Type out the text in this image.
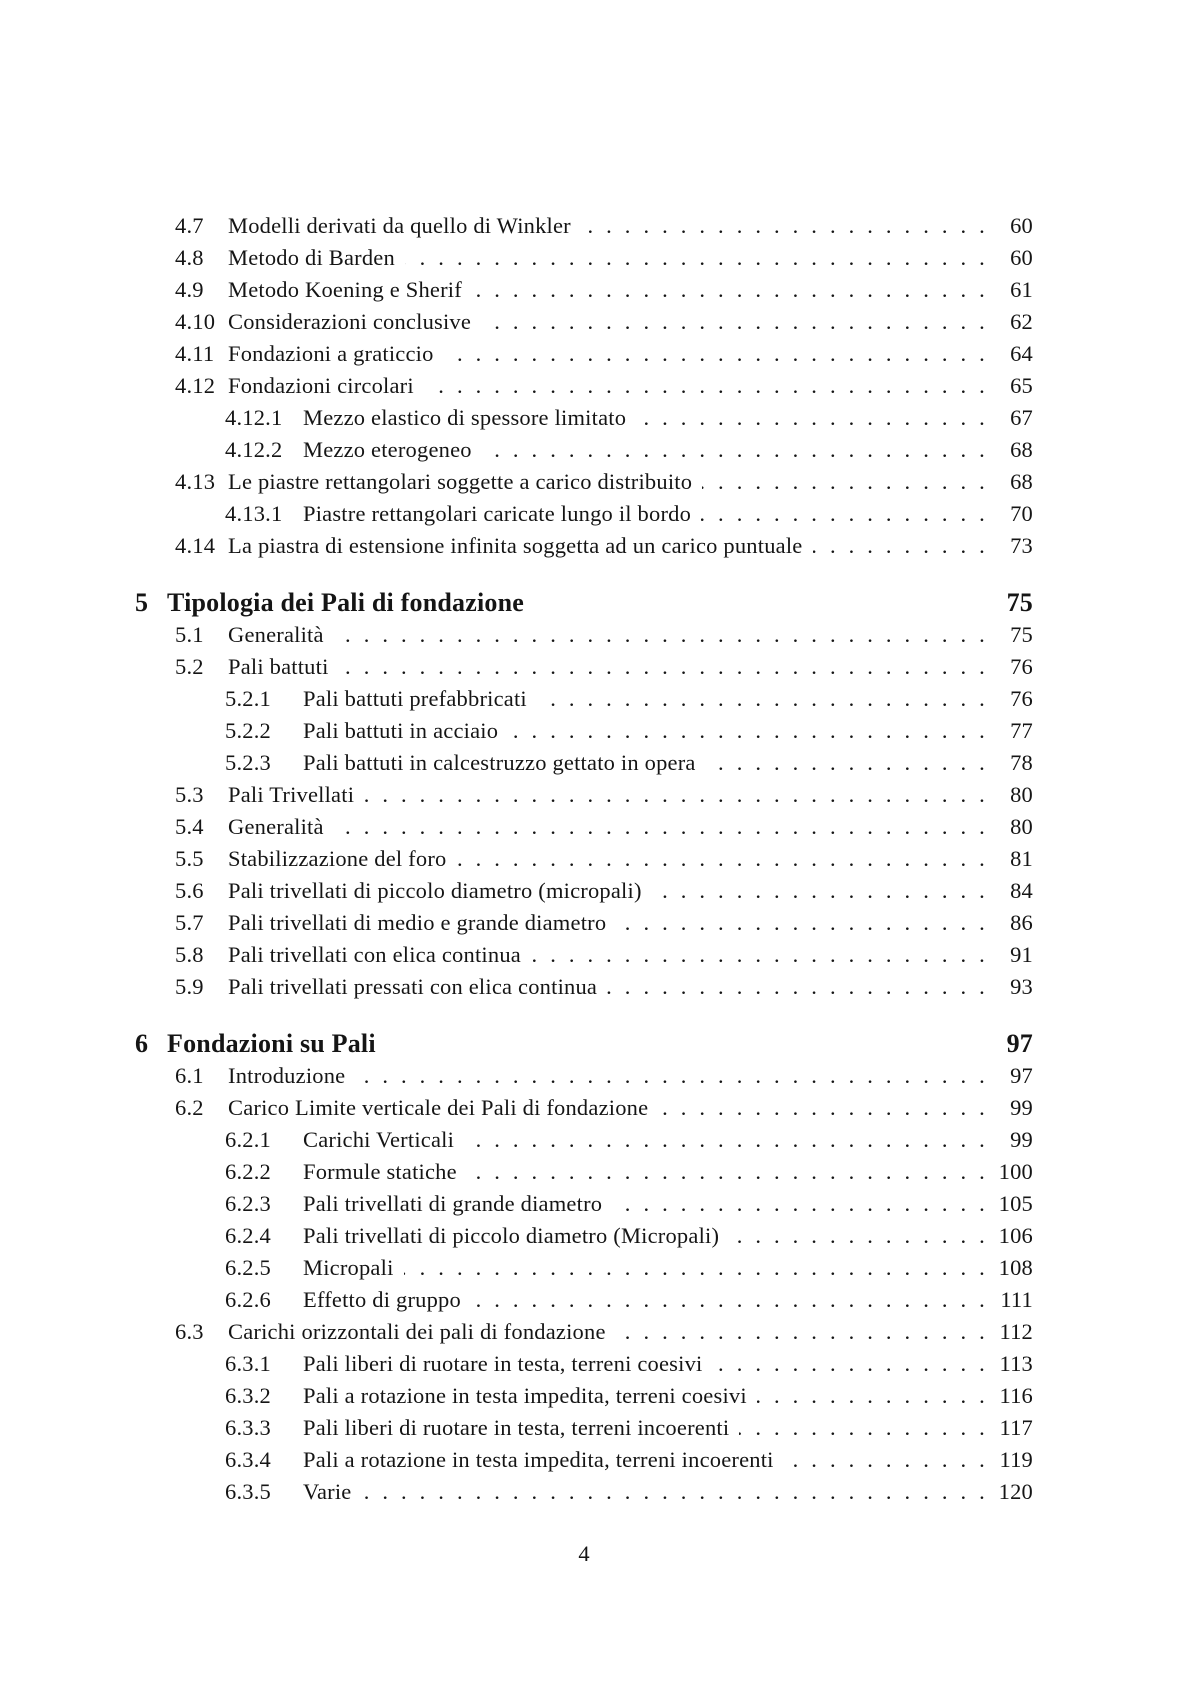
4.7	Modelli derivati da quello di Winkler . . .	60
4.8	Metodo di Barden . . .	60
4.9	Metodo Koening e Sherif . . .	61
4.10 Considerazioni conclusive . . .	62
4.11 Fondazioni a graticcio . . .	64
4.12 Fondazioni circolari . . .	65
4.12.1 Mezzo elastico di spessore limitato . . .	67
4.12.2 Mezzo eterogeneo . . .	68
4.13 Le piastre rettangolari soggette a carico distribuito . . .	68
4.13.1 Piastre rettangolari caricate lungo il bordo . . .	70
4.14 La piastra di estensione infinita soggetta ad un carico puntuale . . .	73
5 Tipologia dei Pali di fondazione	75
5.1	Generalità . . .	75
5.2	Pali battuti . . .	76
5.2.1	Pali battuti prefabbricati . . .	76
5.2.2	Pali battuti in acciaio . . .	77
5.2.3	Pali battuti in calcestruzzo gettato in opera . . .	78
5.3	Pali Trivellati . . .	80
5.4	Generalità . . .	80
5.5	Stabilizzazione del foro . . .	81
5.6	Pali trivellati di piccolo diametro (micropali) . . .	84
5.7	Pali trivellati di medio e grande diametro . . .	86
5.8	Pali trivellati con elica continua . . .	91
5.9	Pali trivellati pressati con elica continua . . .	93
6 Fondazioni su Pali	97
6.1	Introduzione . . .	97
6.2	Carico Limite verticale dei Pali di fondazione . . .	99
6.2.1	Carichi Verticali . . .	99
6.2.2	Formule statiche . . .	100
6.2.3	Pali trivellati di grande diametro . . .	105
6.2.4	Pali trivellati di piccolo diametro (Micropali) . . .	106
6.2.5	Micropali . . .	108
6.2.6	Effetto di gruppo . . .	111
6.3	Carichi orizzontali dei pali di fondazione . . .	112
6.3.1	Pali liberi di ruotare in testa, terreni coesivi . . .	113
6.3.2	Pali a rotazione in testa impedita, terreni coesivi . . .	116
6.3.3	Pali liberi di ruotare in testa, terreni incoerenti . . .	117
6.3.4	Pali a rotazione in testa impedita, terreni incoerenti . . .	119
6.3.5	Varie . . .	120
4
